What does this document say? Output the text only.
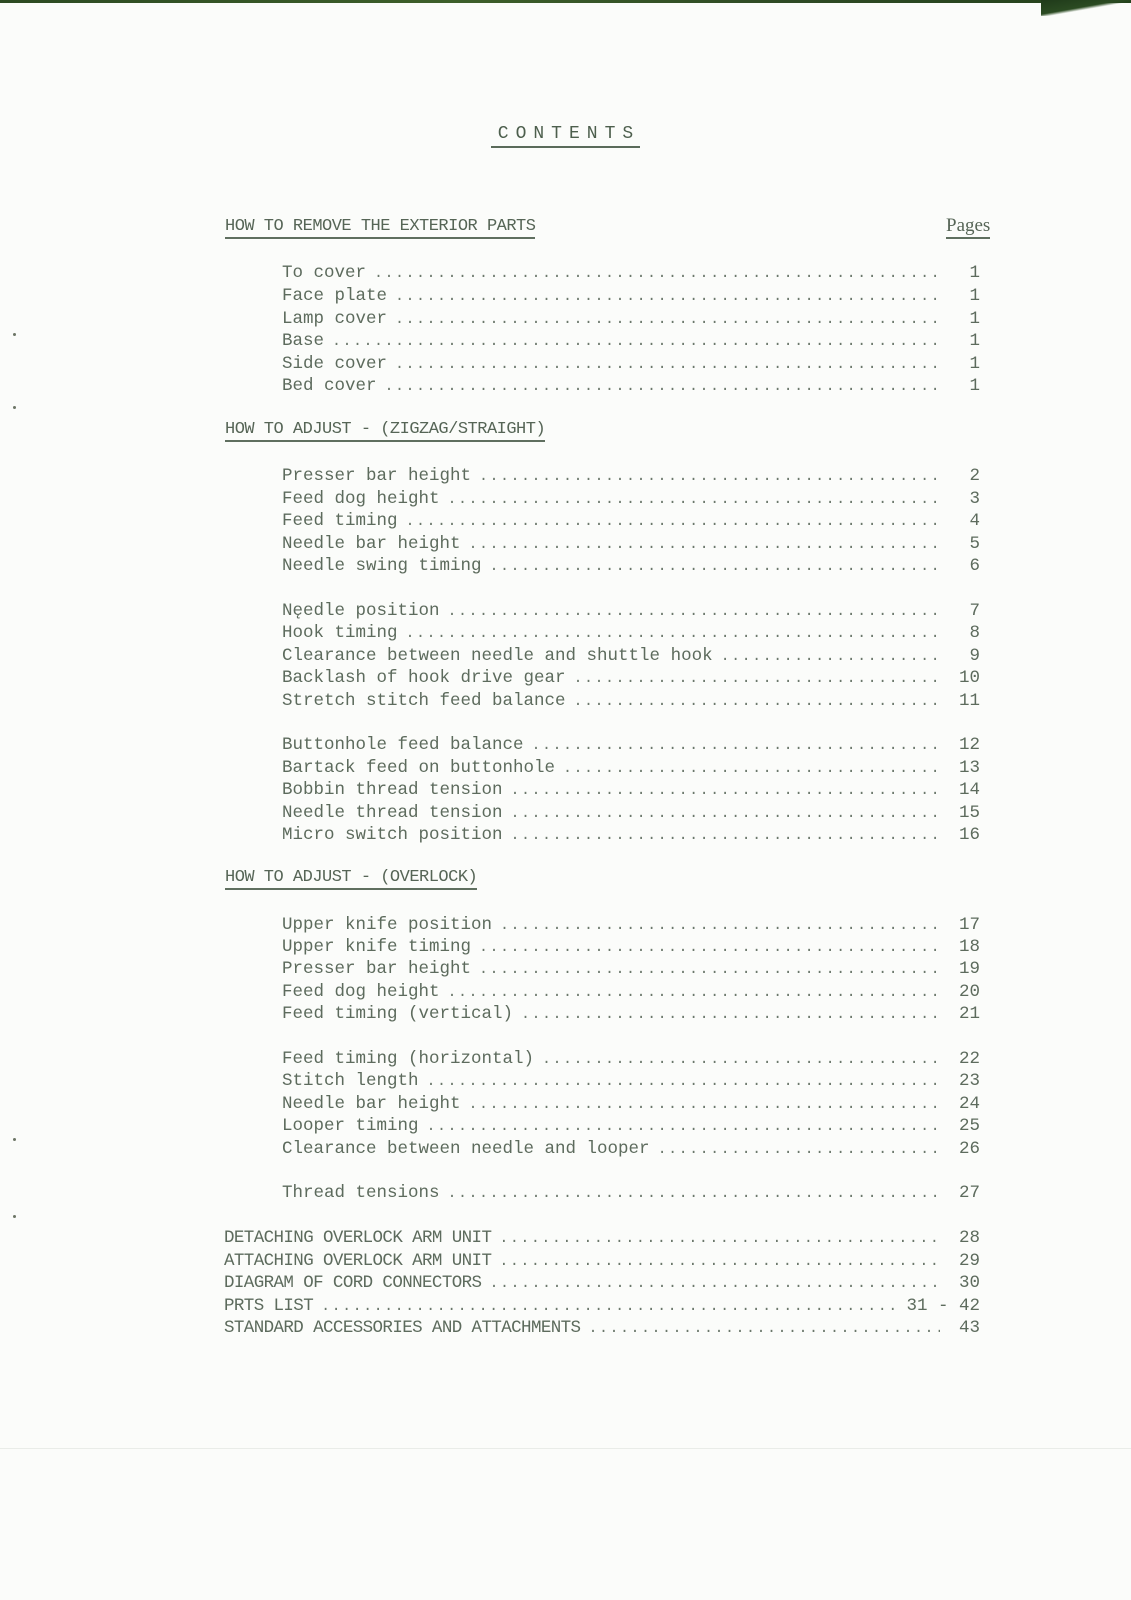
CONTENTS
HOW TO REMOVE THE EXTERIOR PARTS	Pages
To cover .....	1
Face plate .....	1
Lamp cover .....	1
Base .....	1
Side cover .....	1
Bed cover .....	1
HOW TO ADJUST - (ZIGZAG/STRAIGHT)
Presser bar height .....	2
Feed dog height .....	3
Feed timing .....	4
Needle bar height .....	5
Needle swing timing .....	6
Nęedle position .....	7
Hook timing .....	8
Clearance between needle and shuttle hook .....	9
Backlash of hook drive gear .....	10
Stretch stitch feed balance .....	11
Buttonhole feed balance .....	12
Bartack feed on buttonhole .....	13
Bobbin thread tension .....	14
Needle thread tension .....	15
Micro switch position .....	16
HOW TO ADJUST - (OVERLOCK)
Upper knife position .....	17
Upper knife timing .....	18
Presser bar height .....	19
Feed dog height .....	20
Feed timing (vertical) .....	21
Feed timing (horizontal) .....	22
Stitch length .....	23
Needle bar height .....	24
Looper timing .....	25
Clearance between needle and looper .....	26
Thread tensions .....	27
DETACHING OVERLOCK ARM UNIT .....	28
ATTACHING OVERLOCK ARM UNIT .....	29
DIAGRAM OF CORD CONNECTORS .....	30
PRTS LIST .....	31 - 42
STANDARD ACCESSORIES AND ATTACHMENTS .....	43
